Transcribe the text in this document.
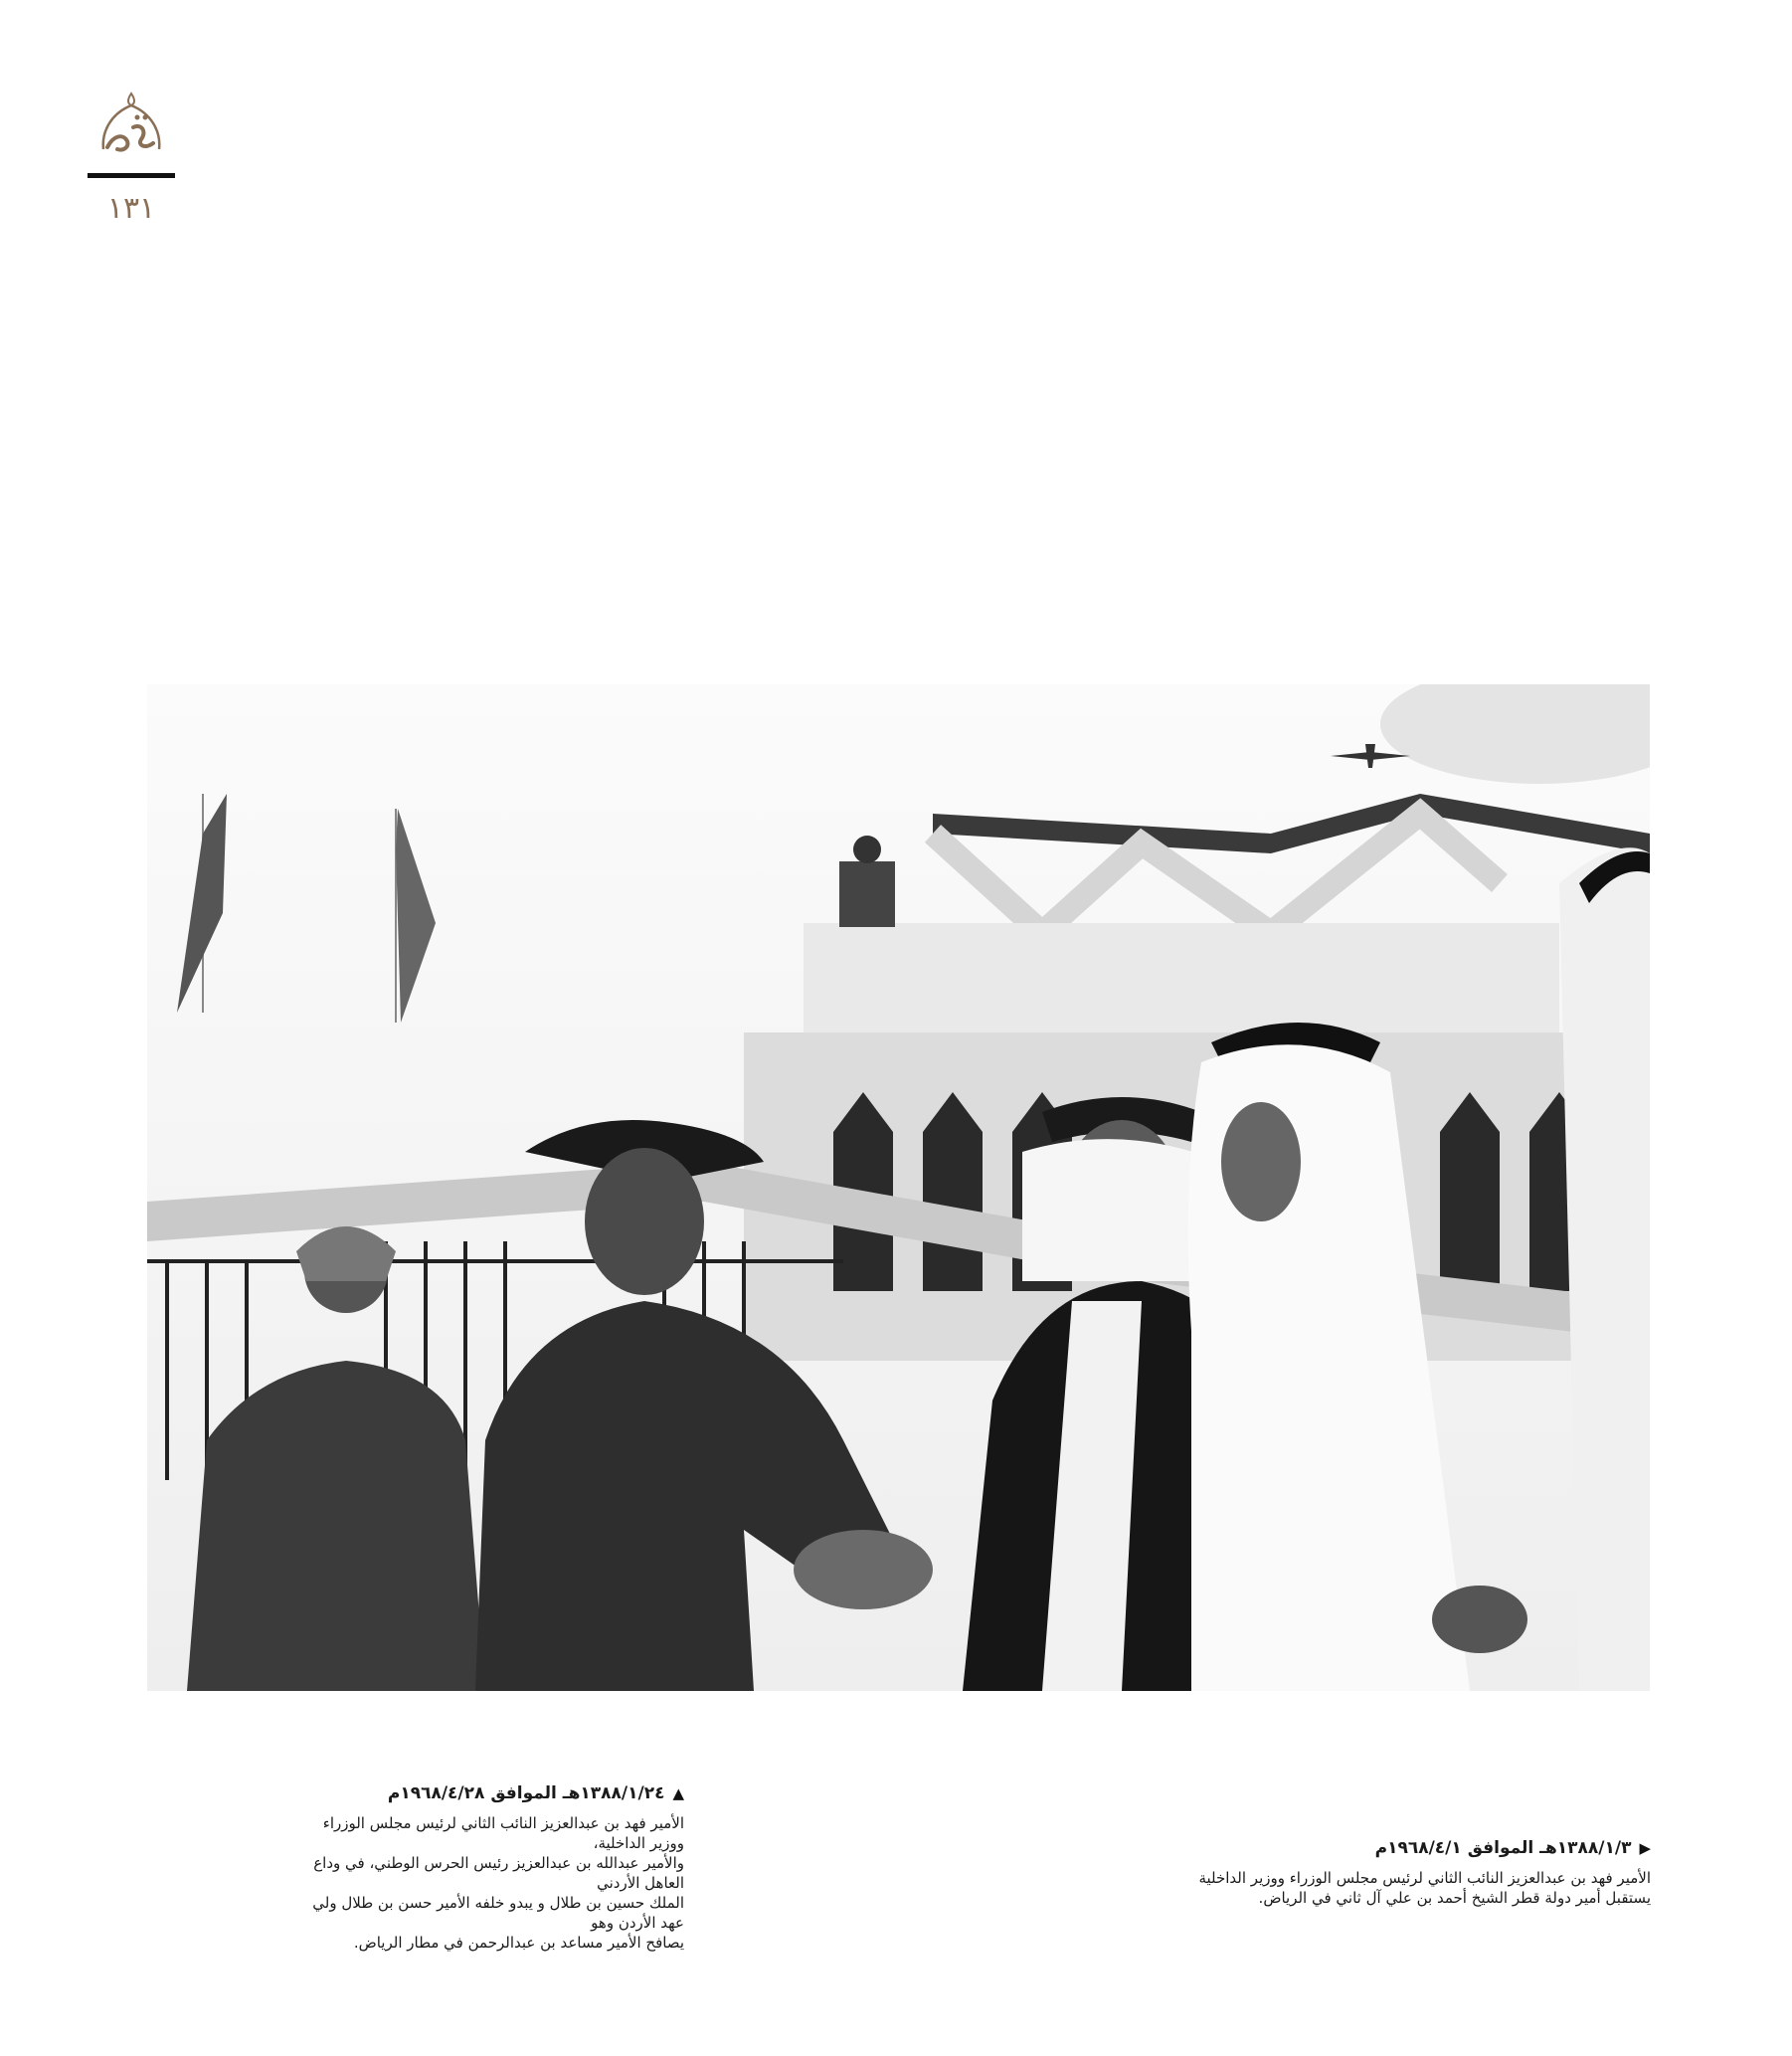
١٣١
▲
١٣٨٨/١/٢٤هـ الموافق ١٩٦٨/٤/٢٨م

الأمير فهد بن عبدالعزيز النائب الثاني لرئيس مجلس الوزراء ووزير الداخلية،
والأمير عبدالله بن عبدالعزيز رئيس الحرس الوطني، في وداع العاهل الأردني
الملك حسين بن طلال و يبدو خلفه الأمير حسن بن طلال ولي عهد الأردن وهو
يصافح الأمير مساعد بن عبدالرحمن في مطار الرياض.

▶
١٣٨٨/١/٣هـ الموافق ١٩٦٨/٤/١م

الأمير فهد بن عبدالعزيز النائب الثاني لرئيس مجلس الوزراء ووزير الداخلية
يستقبل أمير دولة قطر الشيخ أحمد بن علي آل ثاني في الرياض.
